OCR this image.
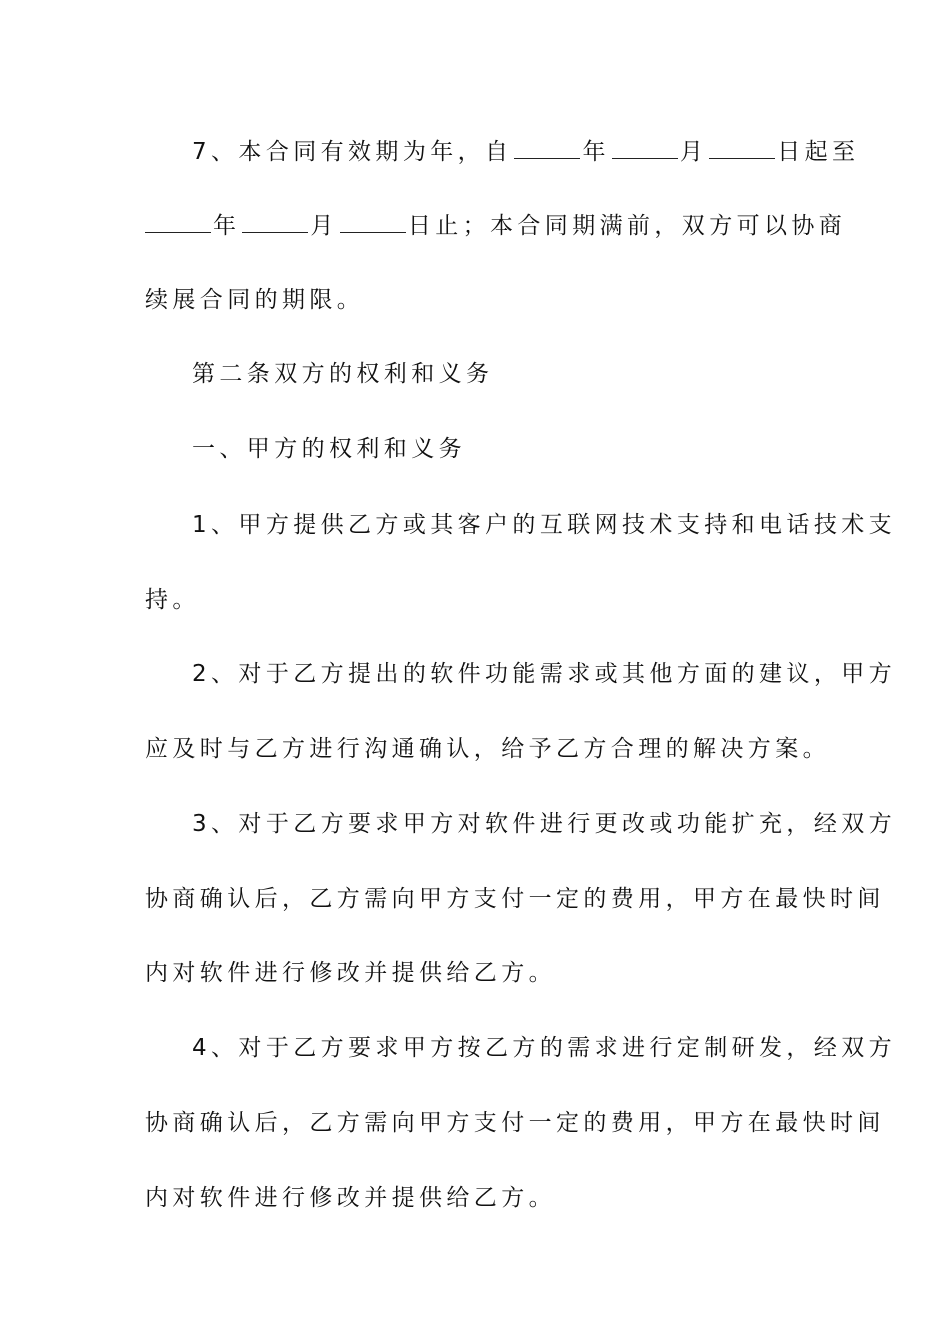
7、本合同有效期为年，自	年	月	日起至
年	月	日止；本合同期满前，双方可以协商
续展合同的期限。
第二条双方的权利和义务
一、甲方的权利和义务
1、甲方提供乙方或其客户的互联网技术支持和电话技术支
持。
2、对于乙方提出的软件功能需求或其他方面的建议，甲方
应及时与乙方进行沟通确认，给予乙方合理的解决方案。
3、对于乙方要求甲方对软件进行更改或功能扩充，经双方
协商确认后，乙方需向甲方支付一定的费用，甲方在最快时间
内对软件进行修改并提供给乙方。
4、对于乙方要求甲方按乙方的需求进行定制研发，经双方
协商确认后，乙方需向甲方支付一定的费用，甲方在最快时间
内对软件进行修改并提供给乙方。
